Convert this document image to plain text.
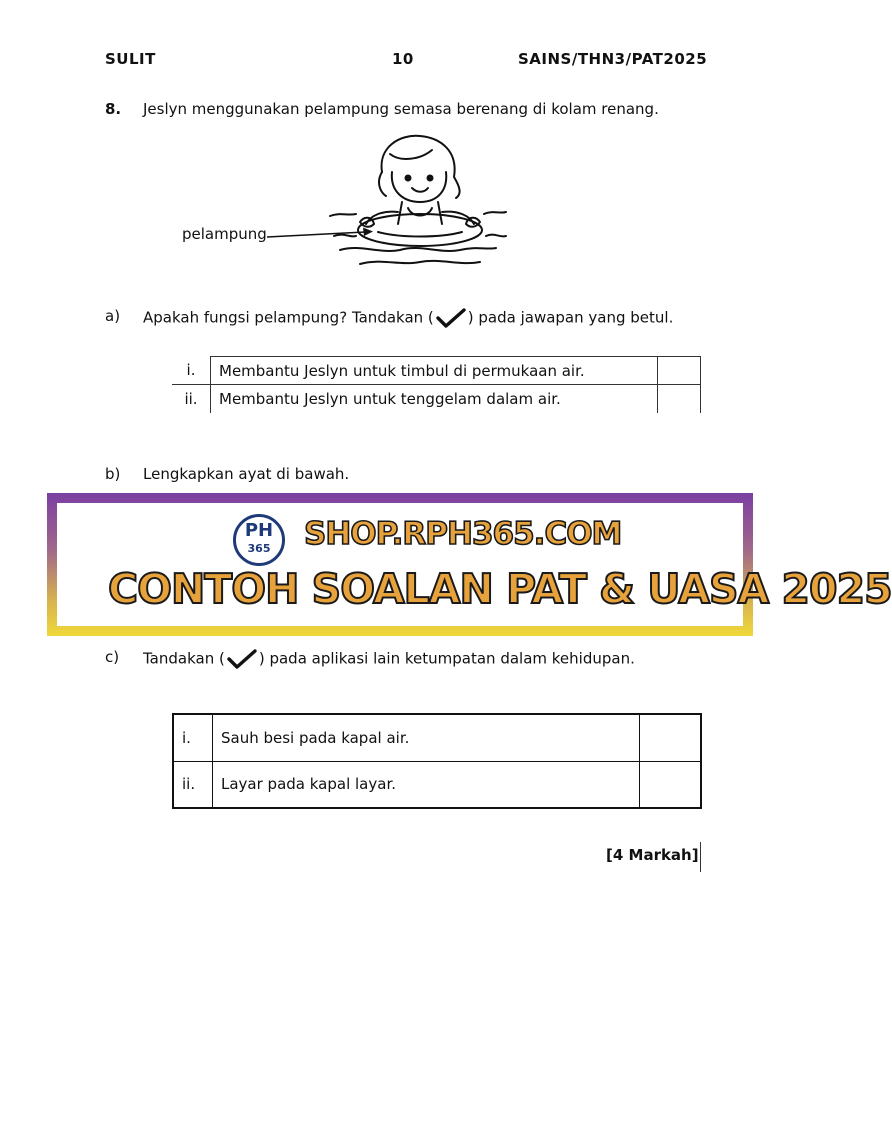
SULIT	10	SAINS/THN3/PAT2025
8. Jeslyn menggunakan pelampung semasa berenang di kolam renang.
pelampung
a) Apakah fungsi pelampung? Tandakan ( ) pada jawapan yang betul.
i.	Membantu Jeslyn untuk timbul di permukaan air.	
ii.	Membantu Jeslyn untuk tenggelam dalam air.	
b) Lengkapkan ayat di bawah.
PH
365	SHOP.RPH365.COM
CONTOH SOALAN PAT & UASA 2025
c) Tandakan ( ) pada aplikasi lain ketumpatan dalam kehidupan.
i.	Sauh besi pada kapal air.	
ii.	Layar pada kapal layar.	
[4 Markah]
